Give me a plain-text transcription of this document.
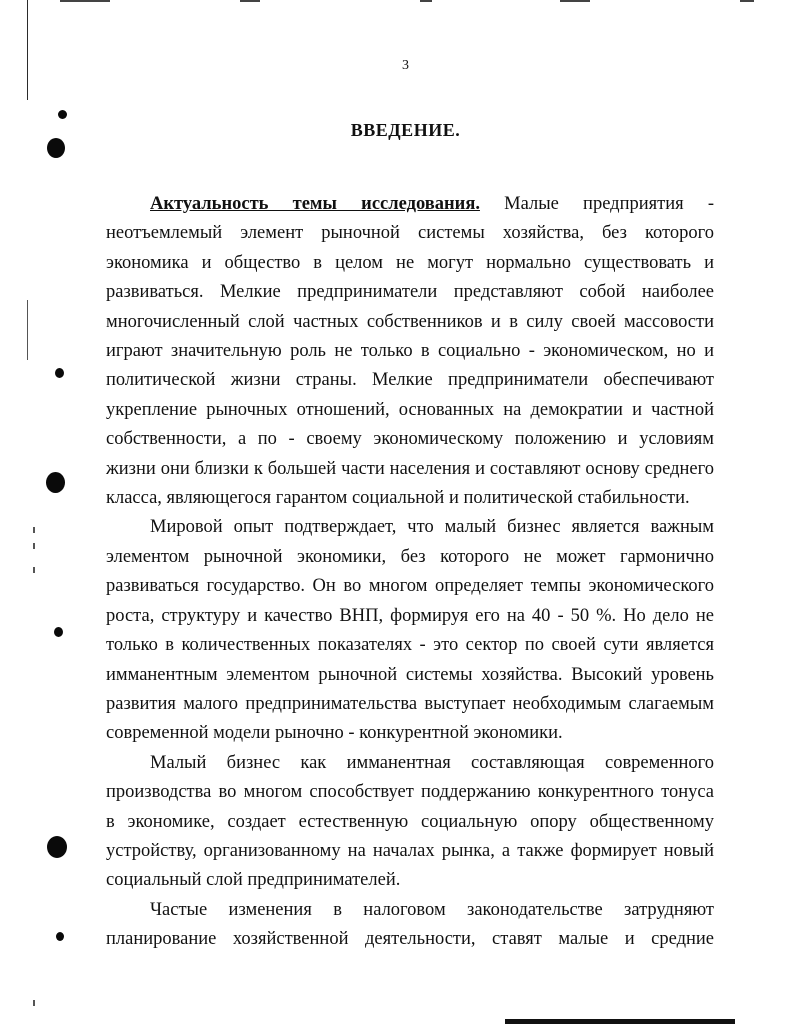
3
ВВЕДЕНИЕ.
Актуальность темы исследования. Малые предприятия -
неотъемлемый элемент рыночной системы хозяйства, без которого
экономика и общество в целом не могут нормально существовать и
развиваться. Мелкие предприниматели представляют собой наиболее
многочисленный слой частных собственников и в силу своей массовости
играют значительную роль не только в социально - экономическом, но и
политической жизни страны. Мелкие предприниматели обеспечивают
укрепление рыночных отношений, основанных на демократии и частной
собственности, а по - своему экономическому положению и условиям
жизни они близки к большей части населения и составляют основу среднего
класса, являющегося гарантом социальной и политической стабильности.
Мировой опыт подтверждает, что малый бизнес является важным
элементом рыночной экономики, без которого не может гармонично
развиваться государство. Он во многом определяет темпы экономического
роста, структуру и качество ВНП, формируя его на 40 - 50 %. Но дело не
только в количественных показателях - это сектор по своей сути является
имманентным элементом рыночной системы хозяйства. Высокий уровень
развития малого предпринимательства выступает необходимым слагаемым
современной модели рыночно - конкурентной экономики.
Малый бизнес как имманентная составляющая современного
производства во многом способствует поддержанию конкурентного тонуса
в экономике, создает естественную социальную опору общественному
устройству, организованному на началах рынка, а также формирует новый
социальный слой предпринимателей.
Частые изменения в налоговом законодательстве затрудняют
планирование хозяйственной деятельности, ставят малые и средние
